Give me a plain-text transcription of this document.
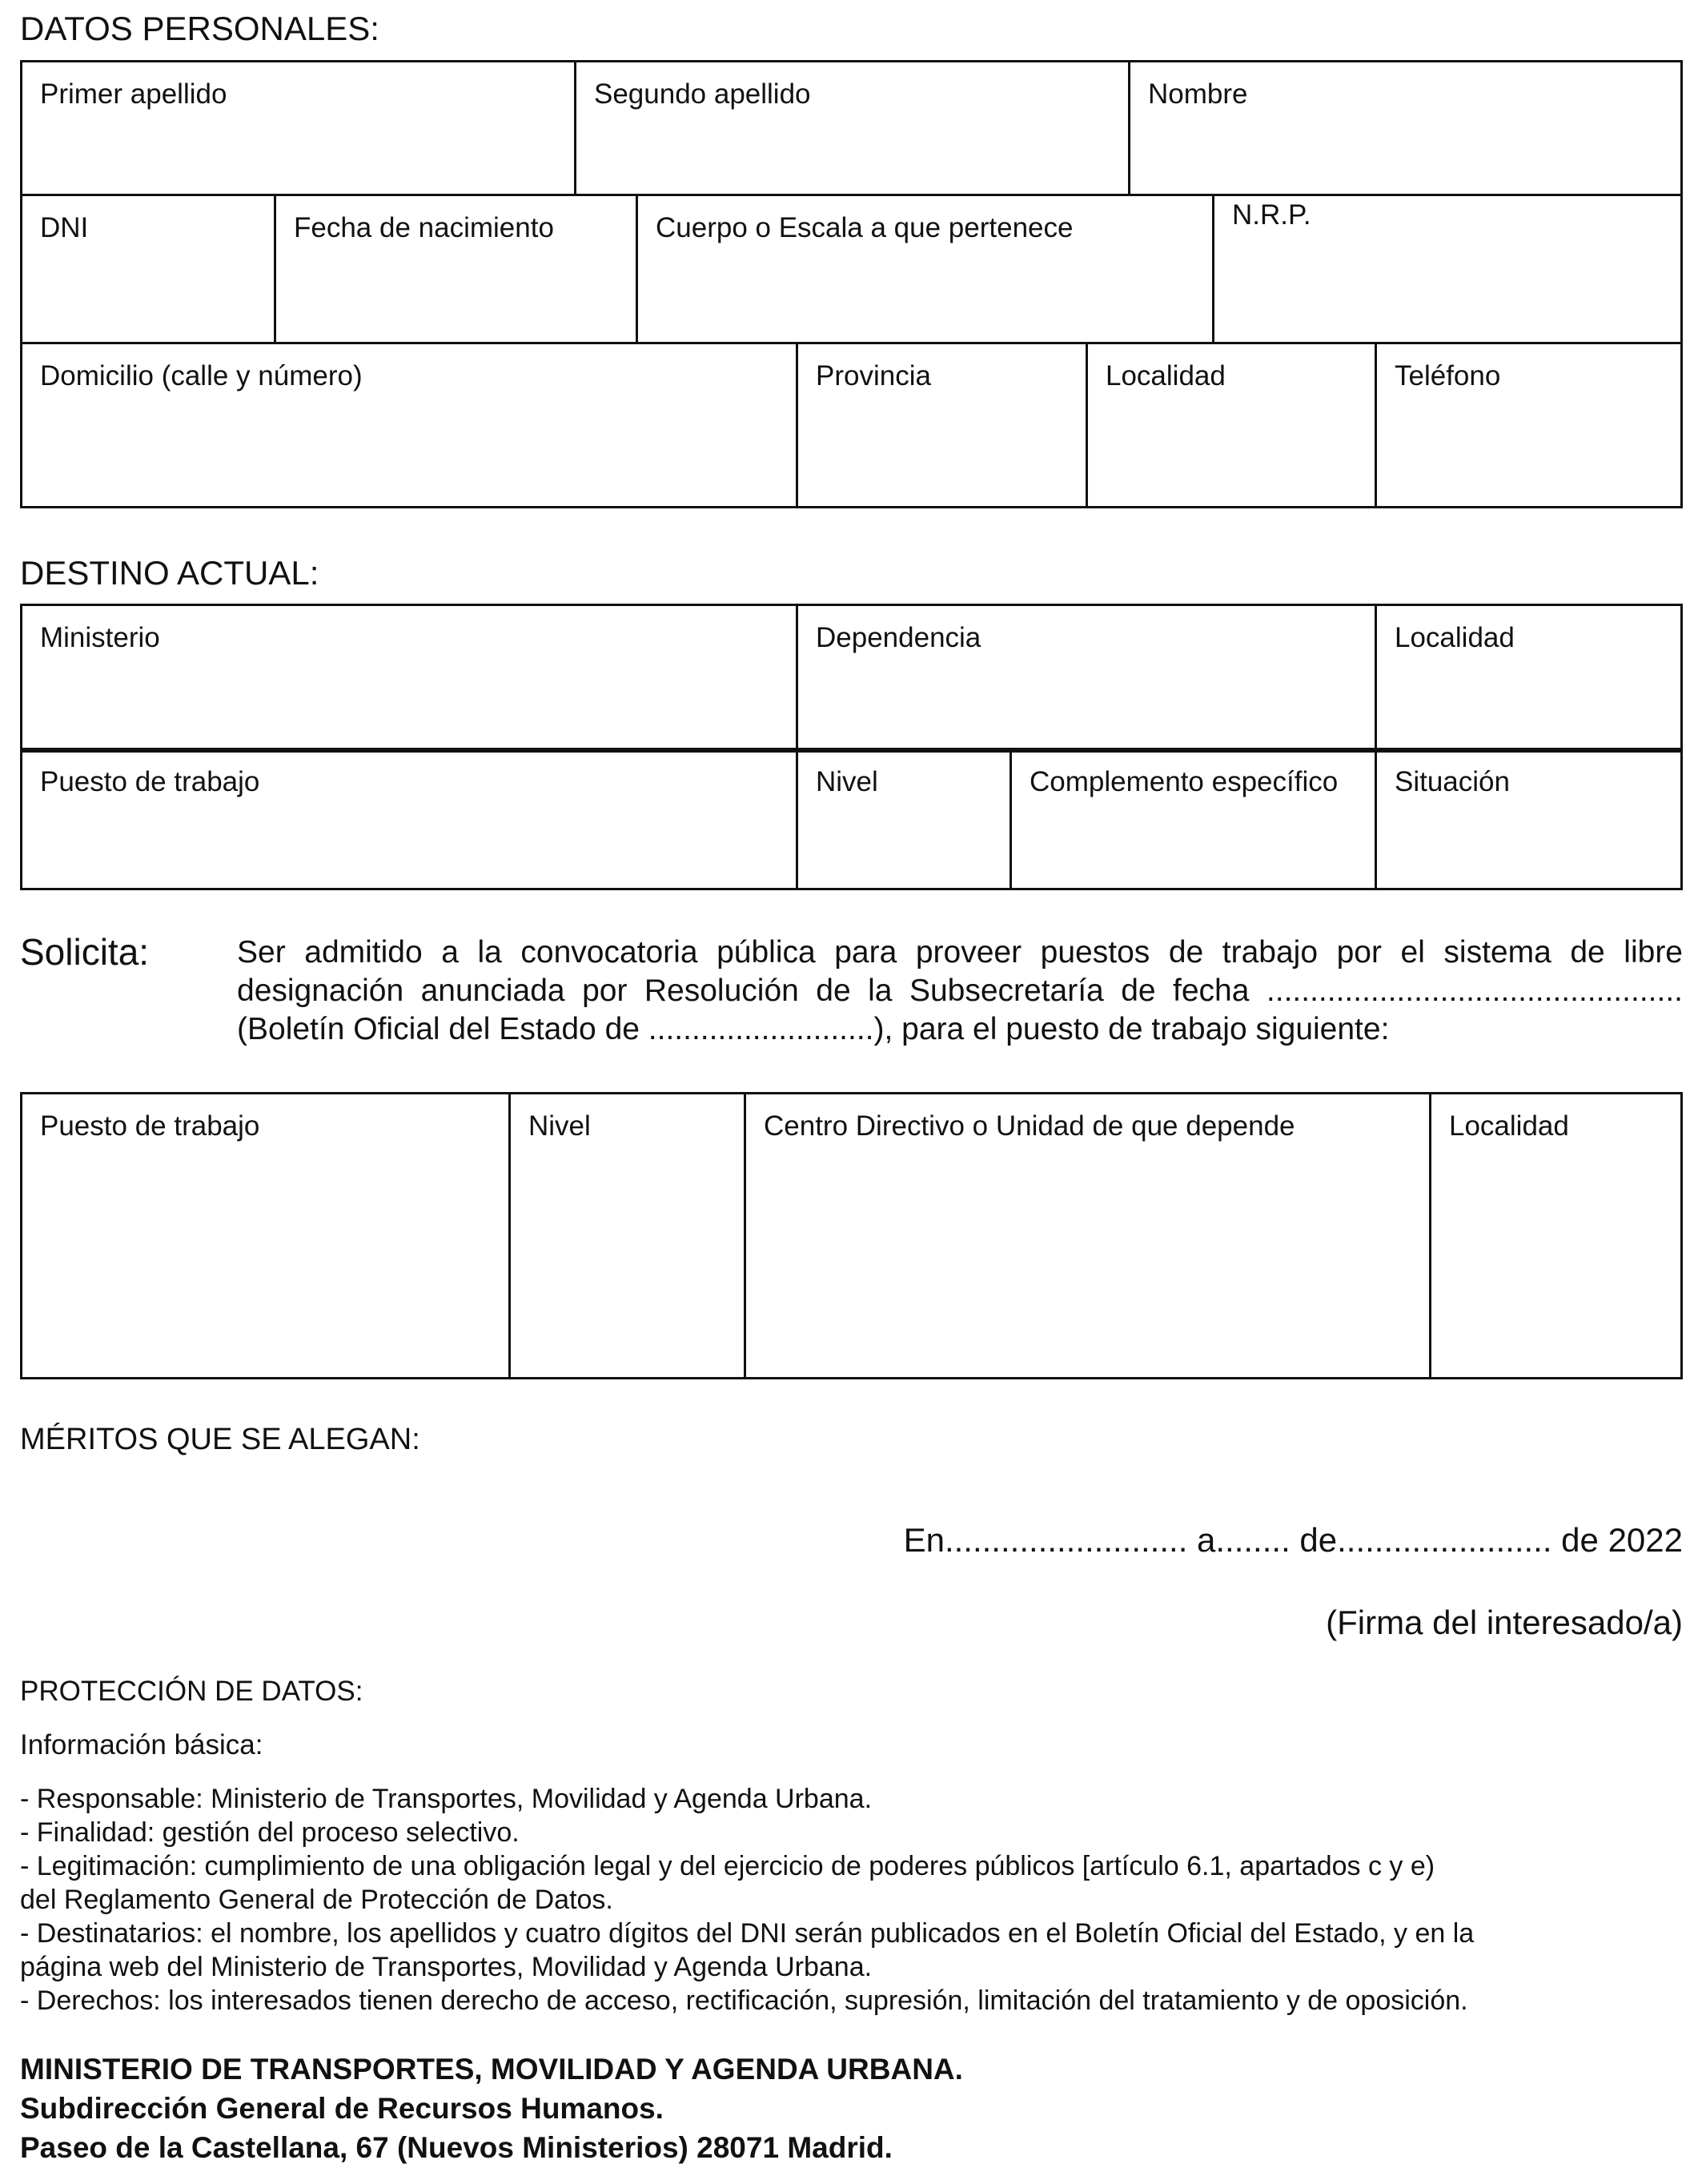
DATOS PERSONALES:
Primer apellido	Segundo apellido	Nombre
DNI	Fecha de nacimiento	Cuerpo o Escala a que pertenece	N.R.P.
Domicilio (calle y número)	Provincia	Localidad	Teléfono
DESTINO ACTUAL:
Ministerio	Dependencia	Localidad
Puesto de trabajo	Nivel	Complemento específico	Situación
Solicita:	Ser admitido a la convocatoria pública para proveer puestos de trabajo por el sistema de libre
designación anunciada por Resolución de la Subsecretaría de fecha ................................................
(Boletín Oficial del Estado de ..........................), para el puesto de trabajo siguiente:
Puesto de trabajo	Nivel	Centro Directivo o Unidad de que depende	Localidad
MÉRITOS QUE SE ALEGAN:
En.......................... a........ de....................... de 2022
(Firma del interesado/a)
PROTECCIÓN DE DATOS:
Información básica:
- Responsable: Ministerio de Transportes, Movilidad y Agenda Urbana.
- Finalidad: gestión del proceso selectivo.
- Legitimación: cumplimiento de una obligación legal y del ejercicio de poderes públicos [artículo 6.1, apartados c y e)
del Reglamento General de Protección de Datos.
- Destinatarios: el nombre, los apellidos y cuatro dígitos del DNI serán publicados en el Boletín Oficial del Estado, y en la
página web del Ministerio de Transportes, Movilidad y Agenda Urbana.
- Derechos: los interesados tienen derecho de acceso, rectificación, supresión, limitación del tratamiento y de oposición.
MINISTERIO DE TRANSPORTES, MOVILIDAD Y AGENDA URBANA.
Subdirección General de Recursos Humanos.
Paseo de la Castellana, 67 (Nuevos Ministerios) 28071 Madrid.
